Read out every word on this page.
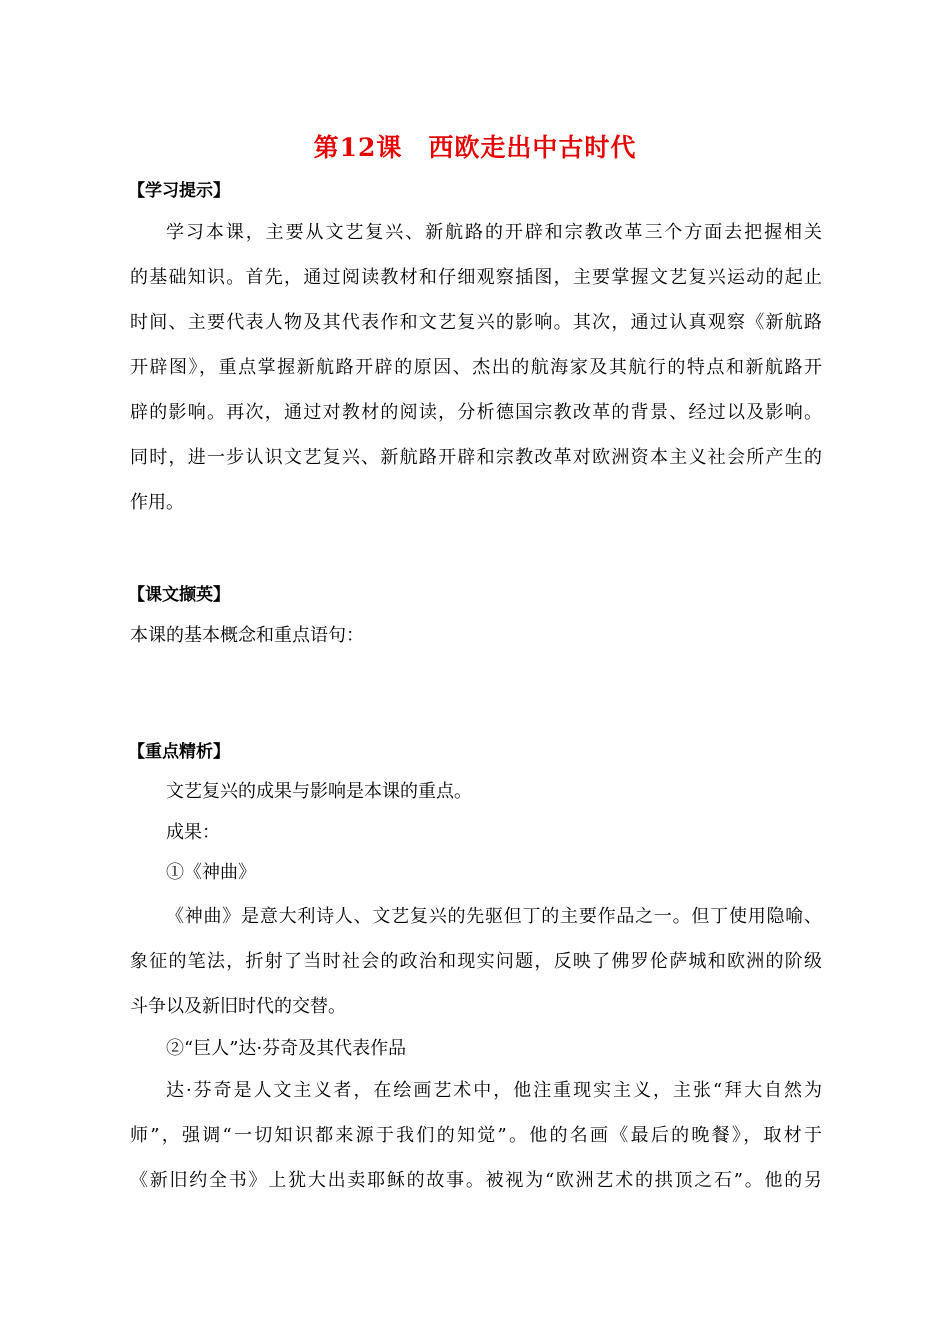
第12课　西欧走出中古时代
【学习提示】
学习本课，主要从文艺复兴、新航路的开辟和宗教改革三个方面去把握相关
的基础知识。首先，通过阅读教材和仔细观察插图，主要掌握文艺复兴运动的起止
时间、主要代表人物及其代表作和文艺复兴的影响。其次，通过认真观察《新航路
开辟图》，重点掌握新航路开辟的原因、杰出的航海家及其航行的特点和新航路开
辟的影响。再次，通过对教材的阅读，分析德国宗教改革的背景、经过以及影响。
同时，进一步认识文艺复兴、新航路开辟和宗教改革对欧洲资本主义社会所产生的
作用。
【课文撷英】
本课的基本概念和重点语句：
【重点精析】
文艺复兴的成果与影响是本课的重点。
成果：
①《神曲》
《神曲》是意大利诗人、文艺复兴的先驱但丁的主要作品之一。但丁使用隐喻、
象征的笔法，折射了当时社会的政治和现实问题，反映了佛罗伦萨城和欧洲的阶级
斗争以及新旧时代的交替。
②“巨人”达·芬奇及其代表作品
达·芬奇是人文主义者，在绘画艺术中，他注重现实主义，主张“拜大自然为
师”，强调“一切知识都来源于我们的知觉”。他的名画《最后的晚餐》，取材于
《新旧约全书》上犹大出卖耶稣的故事。被视为“欧洲艺术的拱顶之石”。他的另
